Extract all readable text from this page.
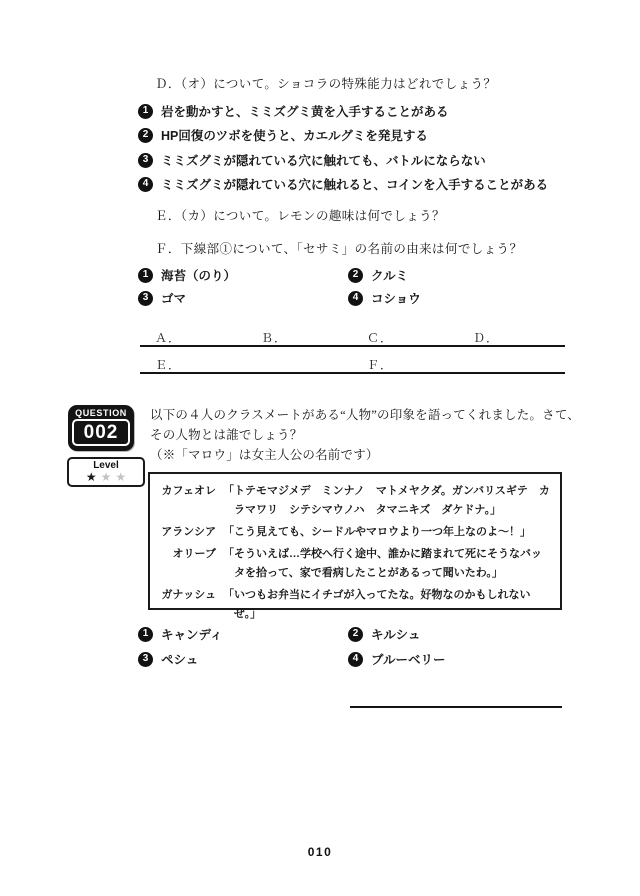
Ｄ．（オ）について。ショコラの特殊能力はどれでしょう？
1	岩を動かすと、ミミズグミ黄を入手することがある
2	HP回復のツボを使うと、カエルグミを発見する
3	ミミズグミが隠れている穴に触れても、バトルにならない
4	ミミズグミが隠れている穴に触れると、コインを入手することがある
Ｅ．（カ）について。レモンの趣味は何でしょう？
Ｆ．下線部①について、「セサミ」の名前の由来は何でしょう？
1	海苔（のり）	2	クルミ
3	ゴマ	4	コショウ
Ａ．	Ｂ．	Ｃ．	Ｄ．
Ｅ．	Ｆ．
QUESTION
002
Level
★★★
以下の４人のクラスメートがある“人物”の印象を語ってくれました。さて、
その人物とは誰でしょう？
（※「マロウ」は女主人公の名前です）
カフェオレ 「トテモマジメデ　ミンナノ　マトメヤクダ。ガンバリスギテ　カラマワリ　シテシマウノハ　タマニキズ　ダケドナ。」
アランシア 「こう見えても、シードルやマロウより一つ年上なのよ～！」
オリーブ 「そういえば…学校へ行く途中、誰かに踏まれて死にそうなバッタを拾って、家で看病したことがあるって聞いたわ。」
ガナッシュ 「いつもお弁当にイチゴが入ってたな。好物なのかもしれないぜ。」
1	キャンディ	2	キルシュ
3	ペシュ	4	ブルーベリー
010
